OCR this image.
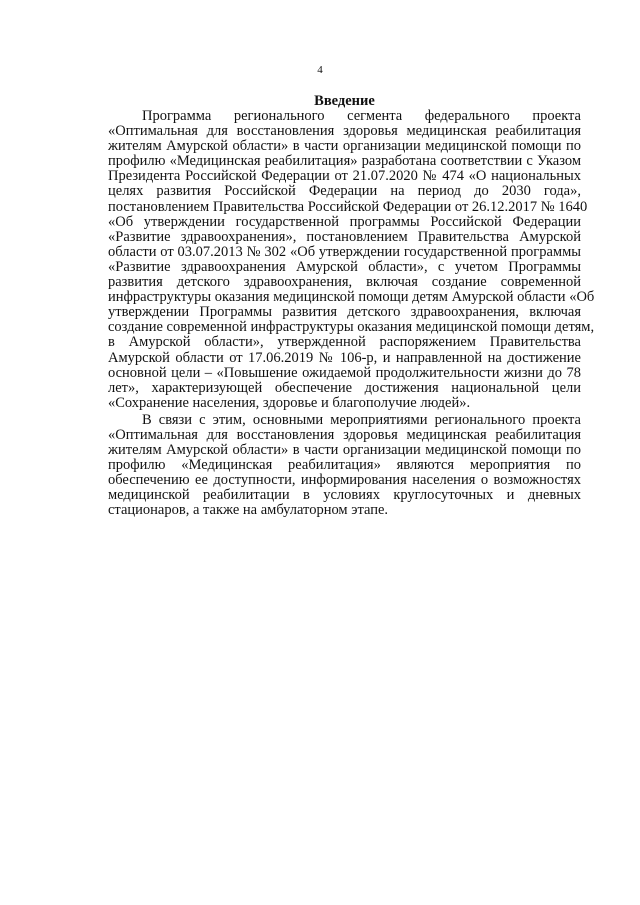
4
Введение
Программа регионального сегмента федерального проекта
«Оптимальная для восстановления здоровья медицинская реабилитация
жителям Амурской области» в части организации медицинской помощи по
профилю «Медицинская реабилитация» разработана соответствии с Указом
Президента Российской Федерации от 21.07.2020 № 474 «О национальных
целях развития Российской Федерации на период до 2030 года»,
постановлением Правительства Российской Федерации от 26.12.2017 № 1640
«Об утверждении государственной программы Российской Федерации
«Развитие здравоохранения», постановлением Правительства Амурской
области от 03.07.2013 № 302 «Об утверждении государственной программы
«Развитие здравоохранения Амурской области», с учетом Программы
развития детского здравоохранения, включая создание современной
инфраструктуры оказания медицинской помощи детям Амурской области «Об
утверждении Программы развития детского здравоохранения, включая
создание современной инфраструктуры оказания медицинской помощи детям,
в Амурской области», утвержденной распоряжением Правительства
Амурской области от 17.06.2019 № 106-р, и направленной на достижение
основной цели – «Повышение ожидаемой продолжительности жизни до 78
лет», характеризующей обеспечение достижения национальной цели
«Сохранение населения, здоровье и благополучие людей».
В связи с этим, основными мероприятиями регионального проекта
«Оптимальная для восстановления здоровья медицинская реабилитация
жителям Амурской области» в части организации медицинской помощи по
профилю «Медицинская реабилитация» являются мероприятия по
обеспечению ее доступности, информирования населения о возможностях
медицинской реабилитации в условиях круглосуточных и дневных
стационаров, а также на амбулаторном этапе.
